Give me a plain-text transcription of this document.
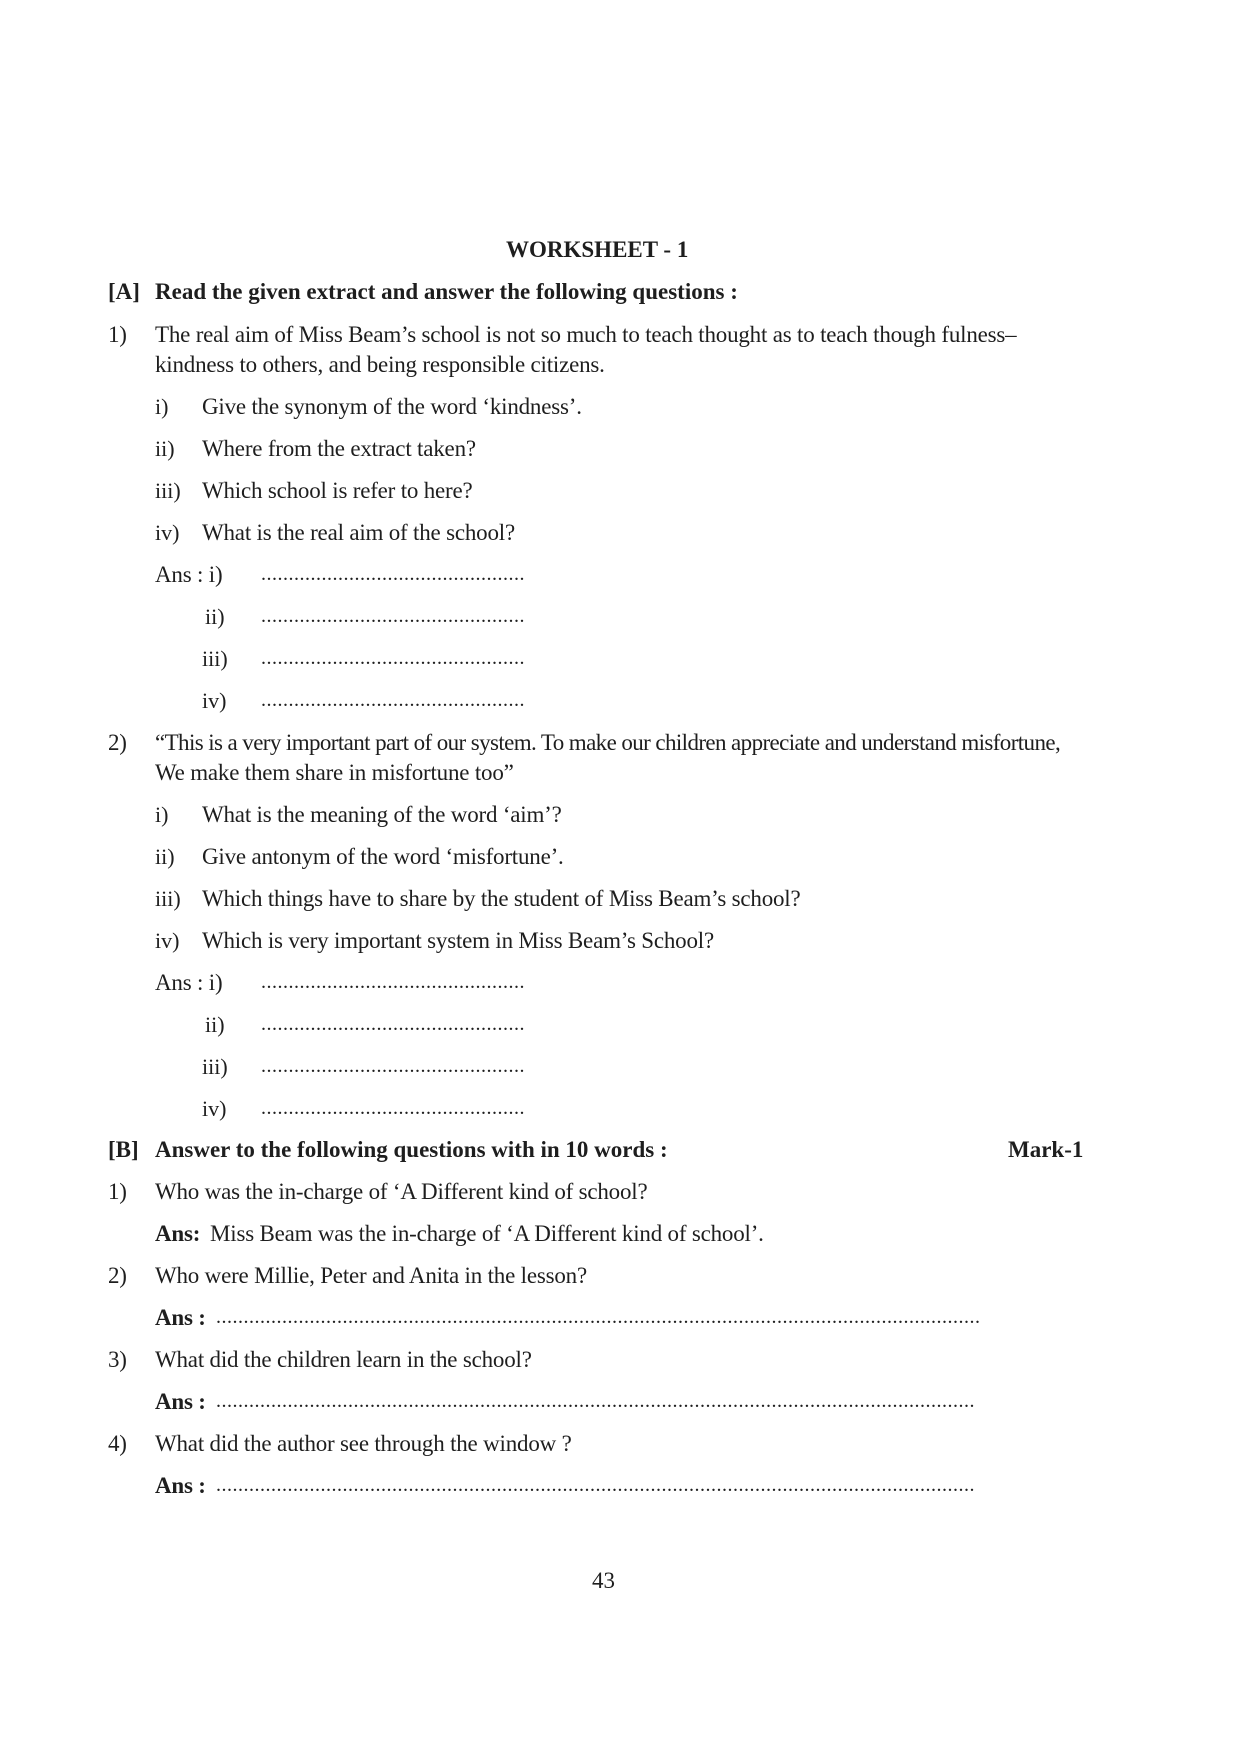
WORKSHEET - 1
[A] Read the given extract and answer the following questions :
1) The real aim of Miss Beam’s school is not so much to teach thought as to teach though fulness–
kindness to others, and being responsible citizens.
i) Give the synonym of the word ‘kindness’.
ii) Where from the extract taken?
iii) Which school is refer to here?
iv) What is the real aim of the school?
Ans : i) ................................................
ii) ................................................
iii) ................................................
iv) ................................................
2) “This is a very important part of our system. To make our children appreciate and understand misfortune,
We make them share in misfortune too”
i) What is the meaning of the word ‘aim’?
ii) Give antonym of the word ‘misfortune’.
iii) Which things have to share by the student of Miss Beam’s school?
iv) Which is very important system in Miss Beam’s School?
Ans : i) ................................................
ii) ................................................
iii) ................................................
iv) ................................................
[B] Answer to the following questions with in 10 words :	Mark-1
1) Who was the in-charge of ‘A Different kind of school?
Ans: Miss Beam was the in-charge of ‘A Different kind of school’.
2) Who were Millie, Peter and Anita in the lesson?
Ans : ...........................................................................................................................................
3) What did the children learn in the school?
Ans : ..........................................................................................................................................
4) What did the author see through the window ?
Ans : ..........................................................................................................................................
43
